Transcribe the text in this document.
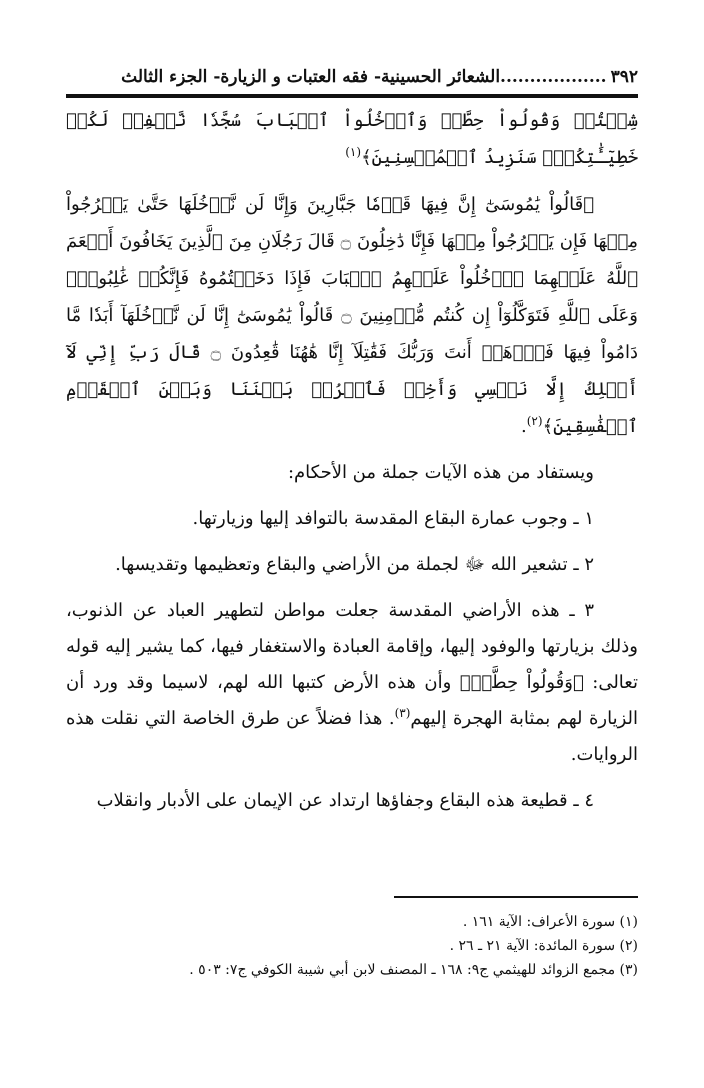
٣٩٢
..................
الشعائر الحسينية- فقه العتبات و الزيارة- الجزء الثالث

شِئۡتُمۡ وَقُولُواْ حِطَّةٞ وَٱدۡخُلُواْ ٱلۡبَابَ سُجَّدٗا نَّغۡفِرۡ لَكُمۡ خَطِيٓـَٰٔتِكُمۡۚ سَنَزِيدُ ٱلۡمُحۡسِنِينَ﴾$^{(١)}$

﴿قَالُواْ يَٰمُوسَىٰٓ إِنَّ فِيهَا قَوۡمٗا جَبَّارِينَ وَإِنَّا لَن نَّدۡخُلَهَا حَتَّىٰ يَخۡرُجُواْ مِنۡهَا فَإِن يَخۡرُجُواْ مِنۡهَا فَإِنَّا دَٰخِلُونَ ۝ قَالَ رَجُلَانِ مِنَ ٱلَّذِينَ يَخَافُونَ أَنۡعَمَ ٱللَّهُ عَلَيۡهِمَا ٱدۡخُلُواْ عَلَيۡهِمُ ٱلۡبَابَ فَإِذَا دَخَلۡتُمُوهُ فَإِنَّكُمۡ غَٰلِبُونَۚ وَعَلَى ٱللَّهِ فَتَوَكَّلُوٓاْ إِن كُنتُم مُّؤۡمِنِينَ ۝ قَالُواْ يَٰمُوسَىٰٓ إِنَّا لَن نَّدۡخُلَهَآ أَبَدٗا مَّا دَامُواْ فِيهَا فَٱذۡهَبۡ أَنتَ وَرَبُّكَ فَقَٰتِلَآ إِنَّا هَٰهُنَا قَٰعِدُونَ ۝ قَالَ رَبِّ إِنِّي لَآ أَمۡلِكُ إِلَّا نَفۡسِي وَأَخِيۖ فَٱفۡرُقۡ بَيۡنَنَا وَبَيۡنَ ٱلۡقَوۡمِ ٱلۡفَٰسِقِينَ﴾$^{(٢)}$.

ويستفاد من هذه الآيات جملة من الأحكام:

١ ـ وجوب عمارة البقاع المقدسة بالتوافد إليها وزيارتها.

٢ ـ تشعير الله ﷻ لجملة من الأراضي والبقاع وتعظيمها وتقديسها.

٣ ـ هذه الأراضي المقدسة جعلت مواطن لتطهير العباد عن الذنوب، وذلك بزيارتها والوفود إليها، وإقامة العبادة والاستغفار فيها، كما يشير إليه قوله تعالى: ﴿وَقُولُواْ حِطَّةٞ﴾ وأن هذه الأرض كتبها الله لهم، لاسيما وقد ورد أن الزيارة لهم بمثابة الهجرة إليهم$^{(٣)}$. هذا فضلاً عن طرق الخاصة التي نقلت هذه الروايات.

٤ ـ قطيعة هذه البقاع وجفاؤها ارتداد عن الإيمان على الأدبار وانقلاب

(١) سورة الأعراف: الآية ١٦١ .
(٢) سورة المائدة: الآية ٢١ ـ ٢٦ .
(٣) مجمع الزوائد للهيثمي ج٩: ١٦٨ ـ المصنف لابن أبي شيبة الكوفي ج٧: ٥٠٣ .
